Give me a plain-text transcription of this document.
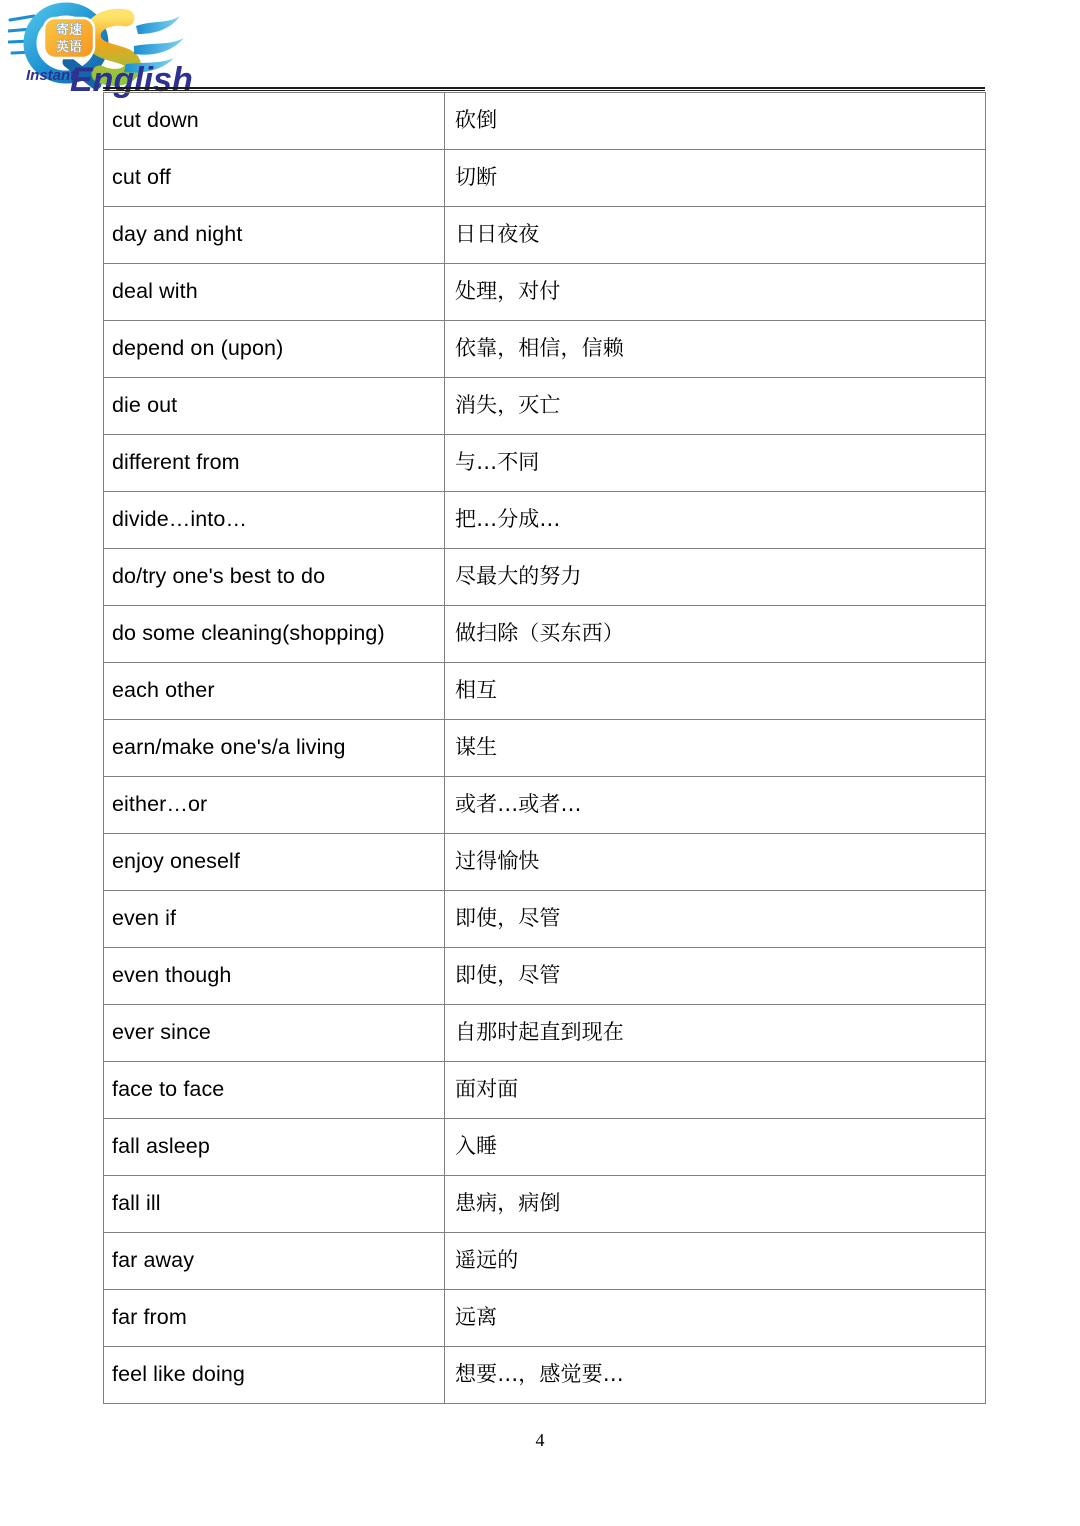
寄速
英语
Instant
English
cut down	砍倒
cut off	切断
day and night	日日夜夜
deal with	处理，对付
depend on (upon)	依靠，相信，信赖
die out	消失，灭亡
different from	与…不同
divide…into…	把…分成…
do/try one's best to do	尽最大的努力
do some cleaning(shopping)	做扫除（买东西）
each other	相互
earn/make one's/a living	谋生
either…or	或者…或者…
enjoy oneself	过得愉快
even if	即使，尽管
even though	即使，尽管
ever since	自那时起直到现在
face to face	面对面
fall asleep	入睡
fall ill	患病，病倒
far away	遥远的
far from	远离
feel like doing	想要…，感觉要…
4
